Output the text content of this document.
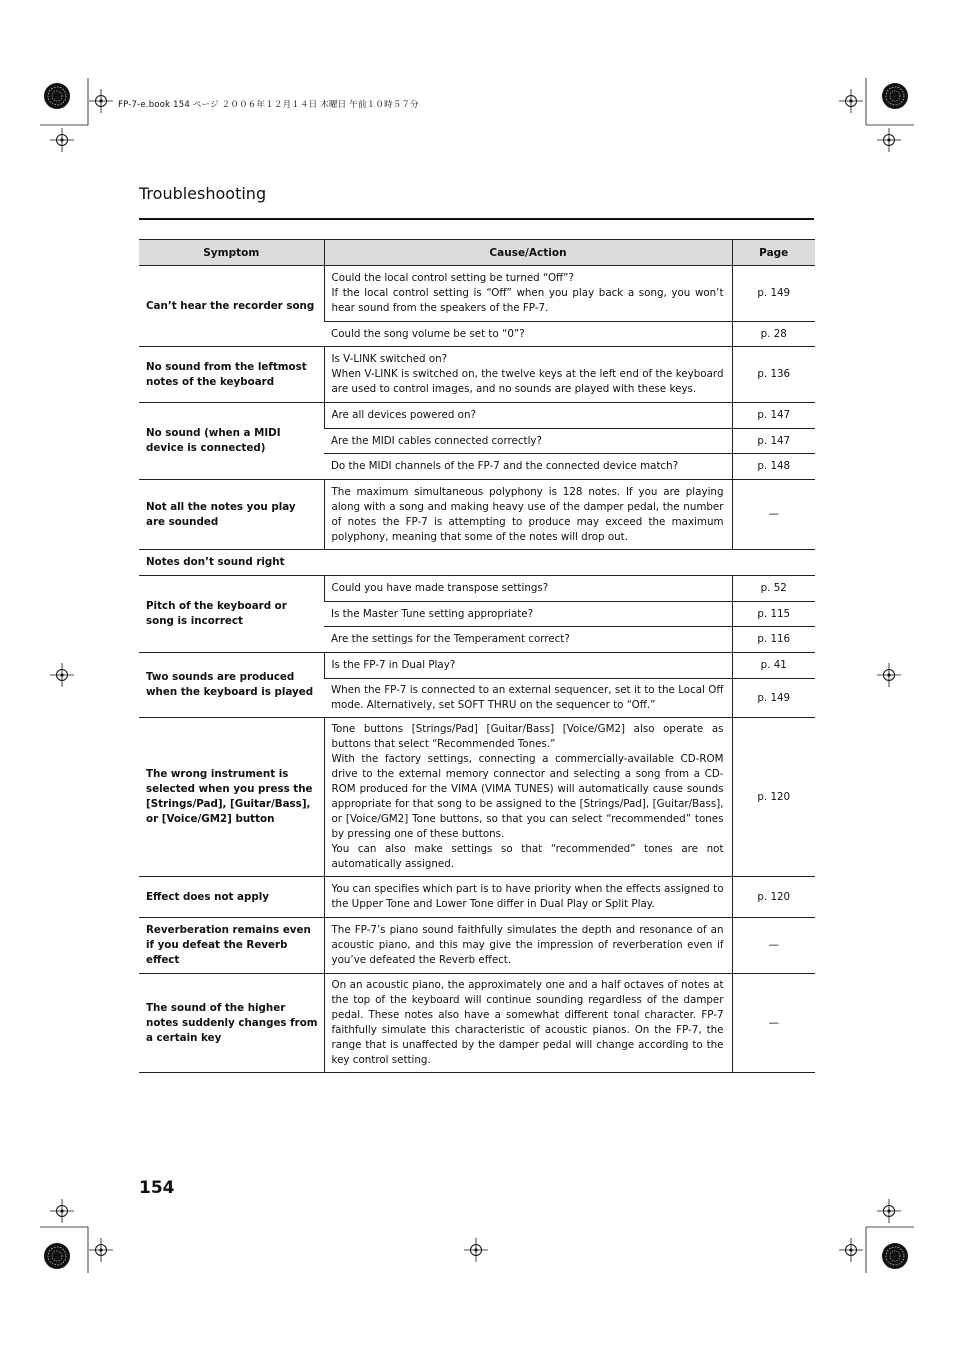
FP-7-e.book 154 ページ ２００６年１２月１４日 木曜日 午前１０時５７分
Troubleshooting
Symptom	Cause/Action	Page
Can’t hear the recorder song	Could the local control setting be turned “Off”?
If the local control setting is “Off” when you play back a song, you won’t hear sound from the speakers of the FP-7.	p. 149

	Could the song volume be set to “0”?	p. 28
No sound from the leftmost notes of the keyboard	Is V-LINK switched on?
When V-LINK is switched on, the twelve keys at the left end of the keyboard are used to control images, and no sounds are played with these keys.	p. 136
No sound (when a MIDI device is connected)	Are all devices powered on?	p. 147

	Are the MIDI cables connected correctly?	p. 147

	Do the MIDI channels of the FP-7 and the connected device match?	p. 148
Not all the notes you play are sounded	The maximum simultaneous polyphony is 128 notes. If you are playing along with a song and making heavy use of the damper pedal, the number of notes the FP-7 is attempting to produce may exceed the maximum polyphony, meaning that some of the notes will drop out.	—
Notes don’t sound right		
Pitch of the keyboard or song is incorrect	Could you have made transpose settings?	p. 52

	Is the Master Tune setting appropriate?	p. 115

	Are the settings for the Temperament correct?	p. 116
Two sounds are produced when the keyboard is played	Is the FP-7 in Dual Play?	p. 41

	When the FP-7 is connected to an external sequencer, set it to the Local Off mode. Alternatively, set SOFT THRU on the sequencer to “Off.”	p. 149
The wrong instrument is selected when you press the [Strings/Pad], [Guitar/Bass], or [Voice/GM2] button	Tone buttons [Strings/Pad] [Guitar/Bass] [Voice/GM2] also operate as buttons that select “Recommended Tones.”
With the factory settings, connecting a commercially-available CD-ROM drive to the external memory connector and selecting a song from a CD-ROM produced for the VIMA (VIMA TUNES) will automatically cause sounds appropriate for that song to be assigned to the [Strings/Pad], [Guitar/Bass], or [Voice/GM2] Tone buttons, so that you can select “recommended” tones by pressing one of these buttons.
You can also make settings so that “recommended” tones are not automatically assigned.	p. 120
Effect does not apply	You can specifies which part is to have priority when the effects assigned to the Upper Tone and Lower Tone differ in Dual Play or Split Play.	p. 120
Reverberation remains even if you defeat the Reverb effect	The FP-7’s piano sound faithfully simulates the depth and resonance of an acoustic piano, and this may give the impression of reverberation even if you’ve defeated the Reverb effect.	—
The sound of the higher notes suddenly changes from a certain key	On an acoustic piano, the approximately one and a half octaves of notes at the top of the keyboard will continue sounding regardless of the damper pedal. These notes also have a somewhat different tonal character. FP-7 faithfully simulate this characteristic of acoustic pianos. On the FP-7, the range that is unaffected by the damper pedal will change according to the key control setting.	—
154
